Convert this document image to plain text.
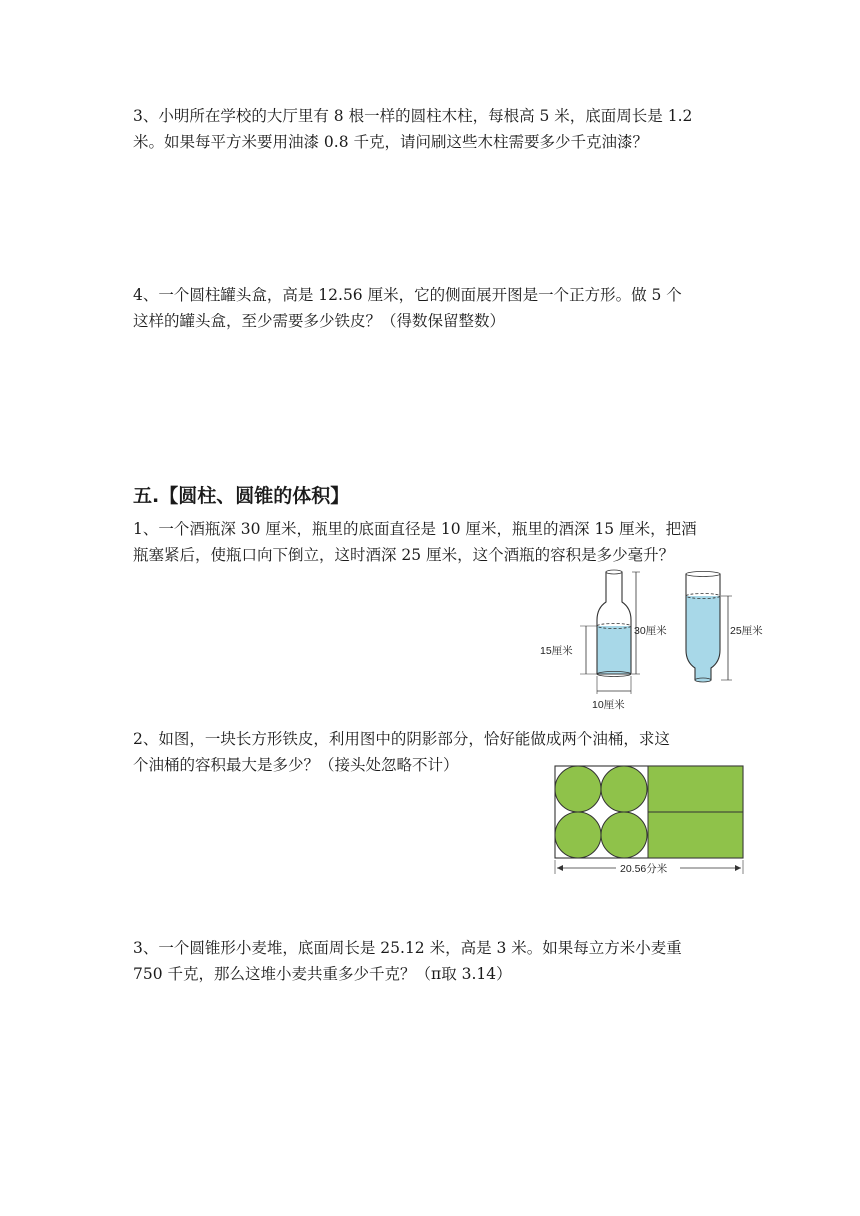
3、小明所在学校的大厅里有 8 根一样的圆柱木柱，每根高 5 米，底面周长是 1.2
米。如果每平方米要用油漆 0.8 千克，请问刷这些木柱需要多少千克油漆？
4、一个圆柱罐头盒，高是 12.56 厘米，它的侧面展开图是一个正方形。做 5 个
这样的罐头盒，至少需要多少铁皮？（得数保留整数）
五.【圆柱、圆锥的体积】
1、一个酒瓶深 30 厘米，瓶里的底面直径是 10 厘米，瓶里的酒深 15 厘米，把酒
瓶塞紧后，使瓶口向下倒立，这时酒深 25 厘米，这个酒瓶的容积是多少毫升？
15厘米
30厘米
10厘米
25厘米
2、如图，一块长方形铁皮，利用图中的阴影部分，恰好能做成两个油桶，求这
个油桶的容积最大是多少？（接头处忽略不计）
20.56分米
3、一个圆锥形小麦堆，底面周长是 25.12 米，高是 3 米。如果每立方米小麦重
750 千克，那么这堆小麦共重多少千克？（π取 3.14）
